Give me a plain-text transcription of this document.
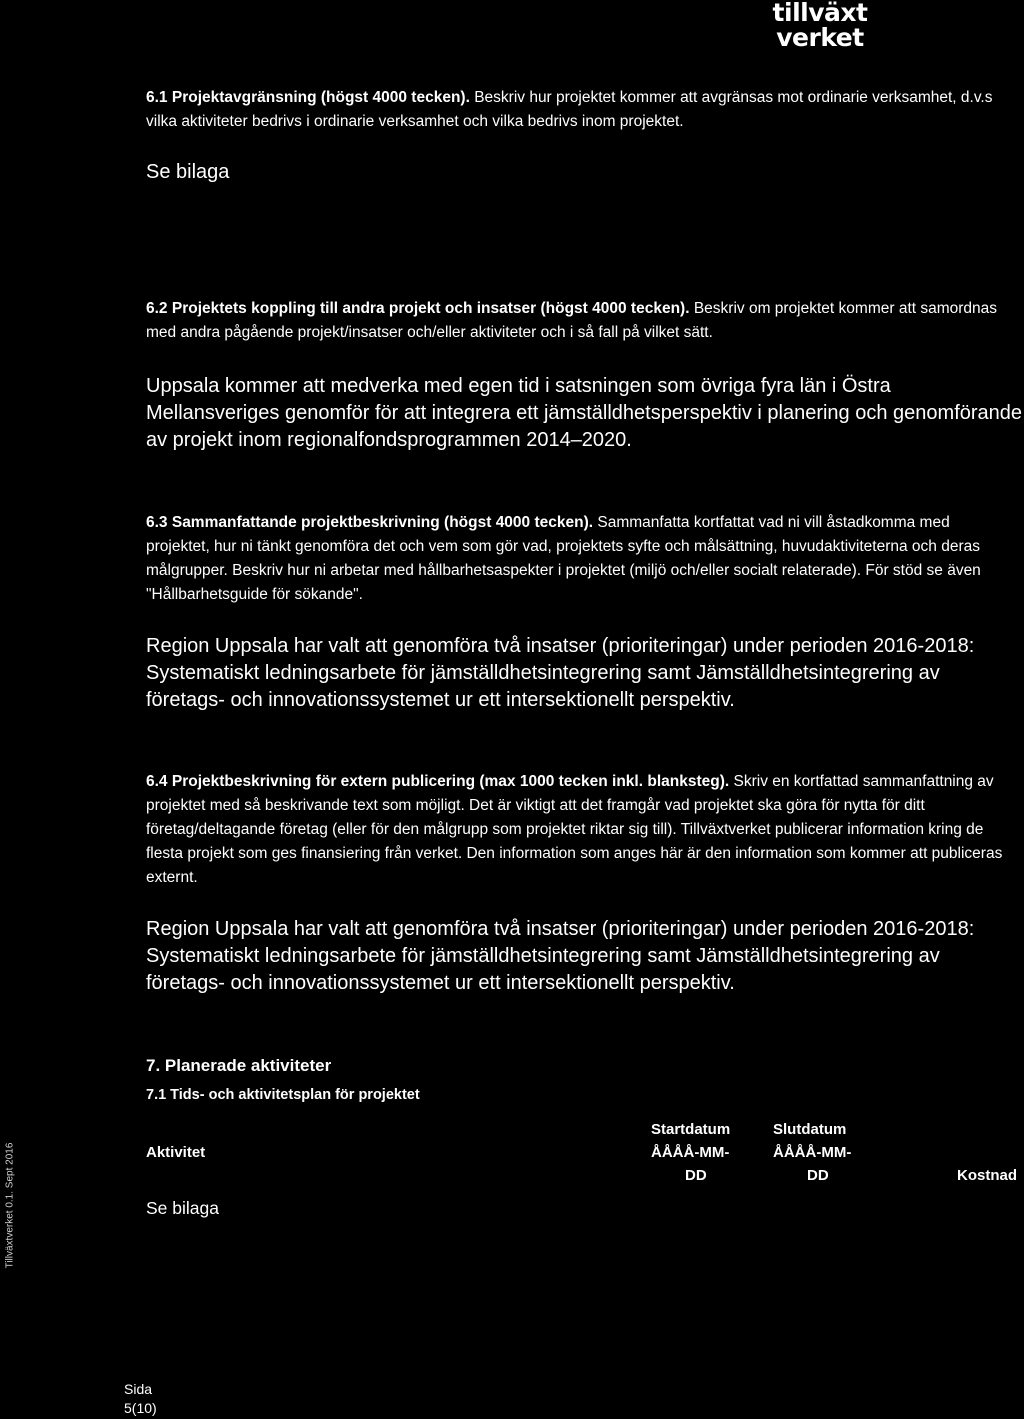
tillväxt
verket
6.1 Projektavgränsning (högst 4000 tecken). Beskriv hur projektet kommer att avgränsas mot ordinarie verksamhet, d.v.s vilka aktiviteter bedrivs i ordinarie verksamhet och vilka bedrivs inom projektet.
Se bilaga
6.2 Projektets koppling till andra projekt och insatser (högst 4000 tecken). Beskriv om projektet kommer att samordnas med andra pågående projekt/insatser och/eller aktiviteter och i så fall på vilket sätt.
Uppsala kommer att medverka med egen tid i satsningen som övriga fyra län i Östra Mellansveriges genomför för att integrera ett jämställdhetsperspektiv i planering och genomförande av projekt inom regionalfondsprogrammen 2014–2020.
6.3 Sammanfattande projektbeskrivning (högst 4000 tecken). Sammanfatta kortfattat vad ni vill åstadkomma med projektet, hur ni tänkt genomföra det och vem som gör vad, projektets syfte och målsättning, huvudaktiviteterna och deras målgrupper. Beskriv hur ni arbetar med hållbarhetsaspekter i projektet (miljö och/eller socialt relaterade). För stöd se även "Hållbarhetsguide för sökande".
Region Uppsala har valt att genomföra två insatser (prioriteringar) under perioden 2016-2018: Systematiskt ledningsarbete för jämställdhetsintegrering samt Jämställdhetsintegrering av företags- och innovationssystemet ur ett intersektionellt perspektiv.
6.4 Projektbeskrivning för extern publicering (max 1000 tecken inkl. blanksteg). Skriv en kortfattad sammanfattning av projektet med så beskrivande text som möjligt. Det är viktigt att det framgår vad projektet ska göra för nytta för ditt företag/deltagande företag (eller för den målgrupp som projektet riktar sig till). Tillväxtverket publicerar information kring de flesta projekt som ges finansiering från verket. Den information som anges här är den information som kommer att publiceras externt.
Region Uppsala har valt att genomföra två insatser (prioriteringar) under perioden 2016-2018: Systematiskt ledningsarbete för jämställdhetsintegrering samt Jämställdhetsintegrering av företags- och innovationssystemet ur ett intersektionellt perspektiv.
7. Planerade aktiviteter
7.1 Tids- och aktivitetsplan för projektet
Aktivitet
Startdatum
ÅÅÅÅ-MM-
DD
Slutdatum
ÅÅÅÅ-MM-
DD	Kostnad
Se bilaga
Tillväxtverket 0.1. Sept 2016
Sida
5(10)
